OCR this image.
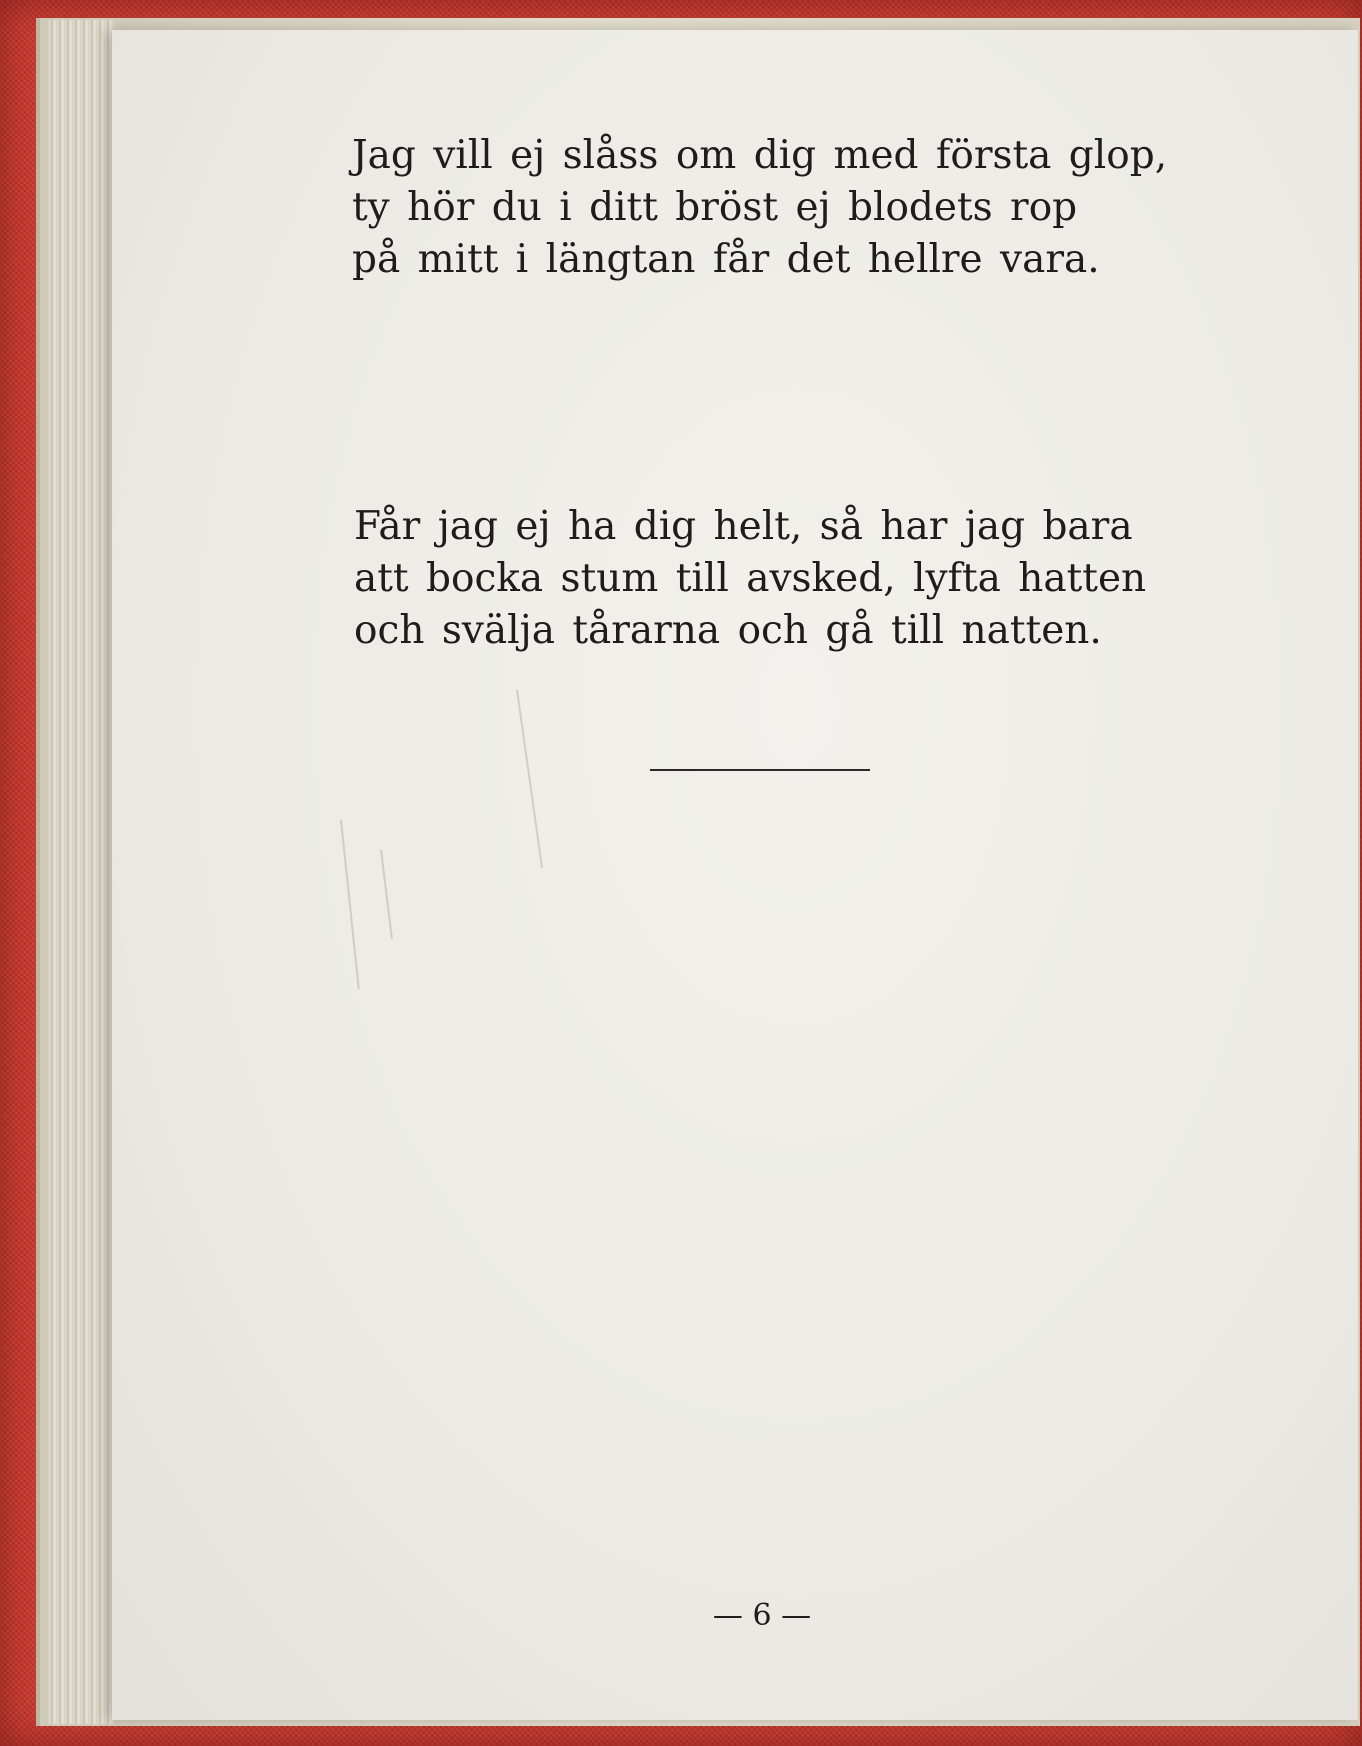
Jag vill ej slåss om dig med första glop,
ty hör du i ditt bröst ej blodets rop
på mitt i längtan får det hellre vara.
Får jag ej ha dig helt, så har jag bara
att bocka stum till avsked, lyfta hatten
och svälja tårarna och gå till natten.
— 6 —
